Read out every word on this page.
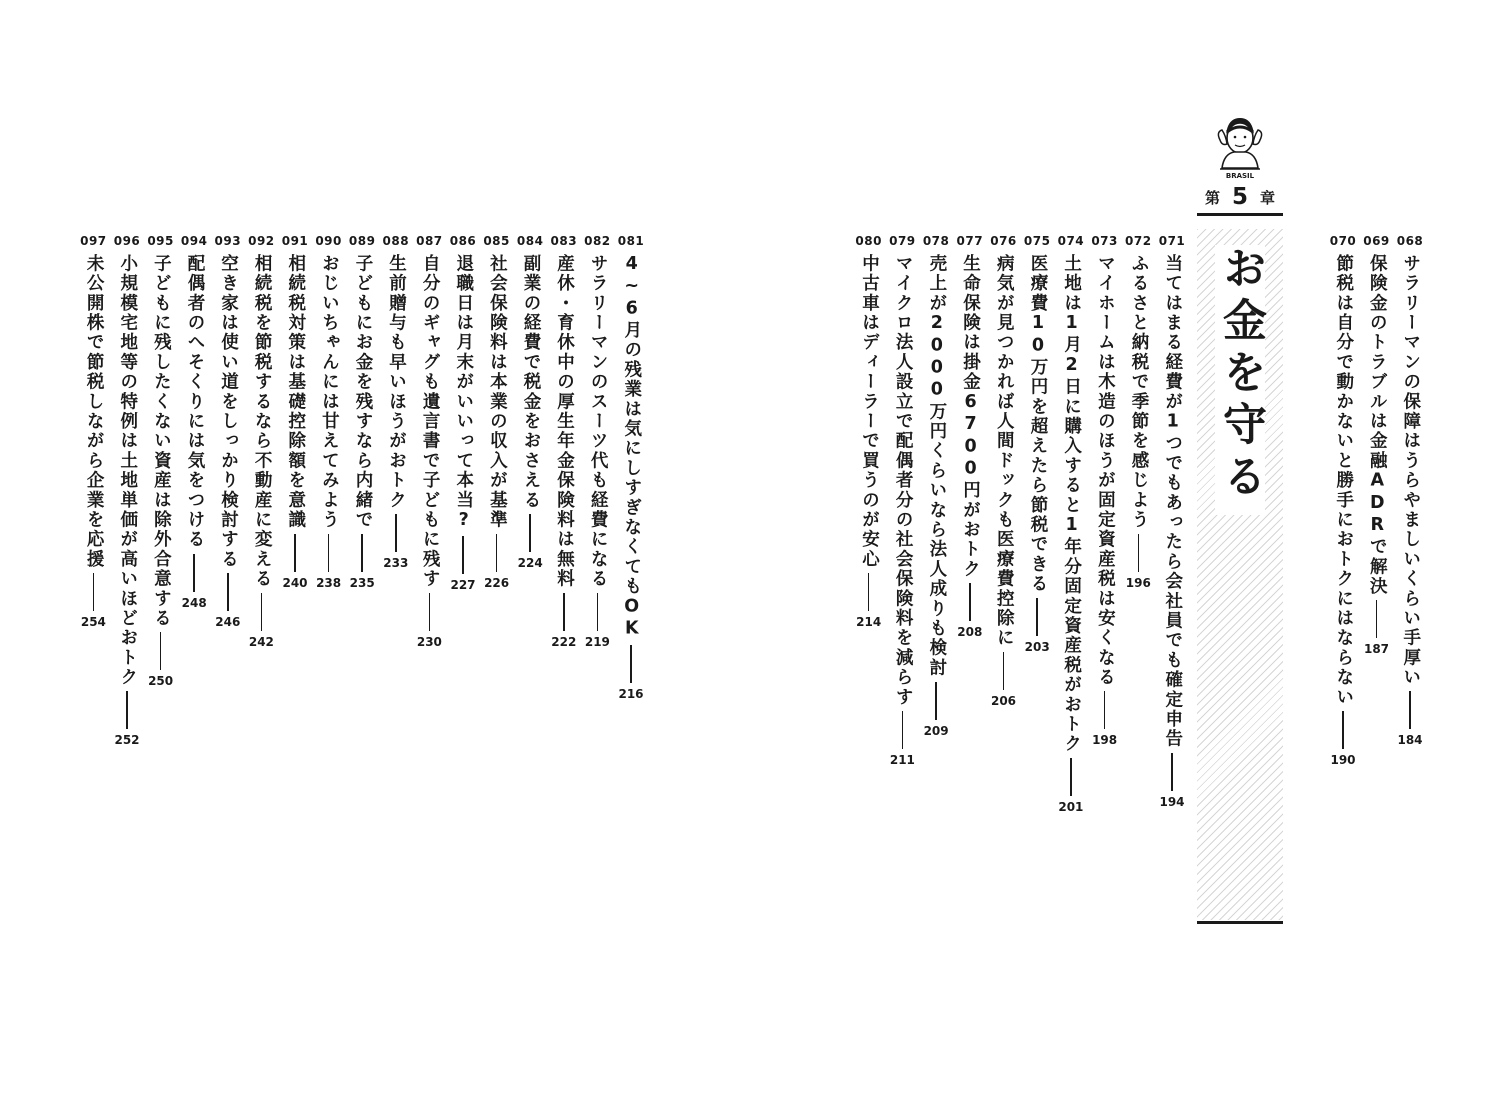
BRASIL
第 5 章
お金を守る
081
4~6月の残業は気にしすぎなくてもOK
216
082
サラリーマンのスーツ代も経費になる
219
083
産休・育休中の厚生年金保険料は無料
222
084
副業の経費で税金をおさえる
224
085
社会保険料は本業の収入が基準
226
086
退職日は月末がいいって本当?
227
087
自分のギャグも遺言書で子どもに残す
230
088
生前贈与も早いほうがおトク
233
089
子どもにお金を残すなら内緒で
235
090
おじいちゃんには甘えてみよう
238
091
相続税対策は基礎控除額を意識
240
092
相続税を節税するなら不動産に変える
242
093
空き家は使い道をしっかり検討する
246
094
配偶者のへそくりには気をつける
248
095
子どもに残したくない資産は除外合意する
250
096
小規模宅地等の特例は土地単価が高いほどおトク
252
097
未公開株で節税しながら企業を応援
254
068
サラリーマンの保障はうらやましいくらい手厚い
184
069
保険金のトラブルは金融ADRで解決
187
070
節税は自分で動かないと勝手におトクにはならない
190
071
当てはまる経費が1つでもあったら会社員でも確定申告
194
072
ふるさと納税で季節を感じよう
196
073
マイホームは木造のほうが固定資産税は安くなる
198
074
土地は1月2日に購入すると1年分固定資産税がおトク
201
075
医療費10万円を超えたら節税できる
203
076
病気が見つかれば人間ドックも医療費控除に
206
077
生命保険は掛金6700円がおトク
208
078
売上が2000万円くらいなら法人成りも検討
209
079
マイクロ法人設立で配偶者分の社会保険料を減らす
211
080
中古車はディーラーで買うのが安心
214
